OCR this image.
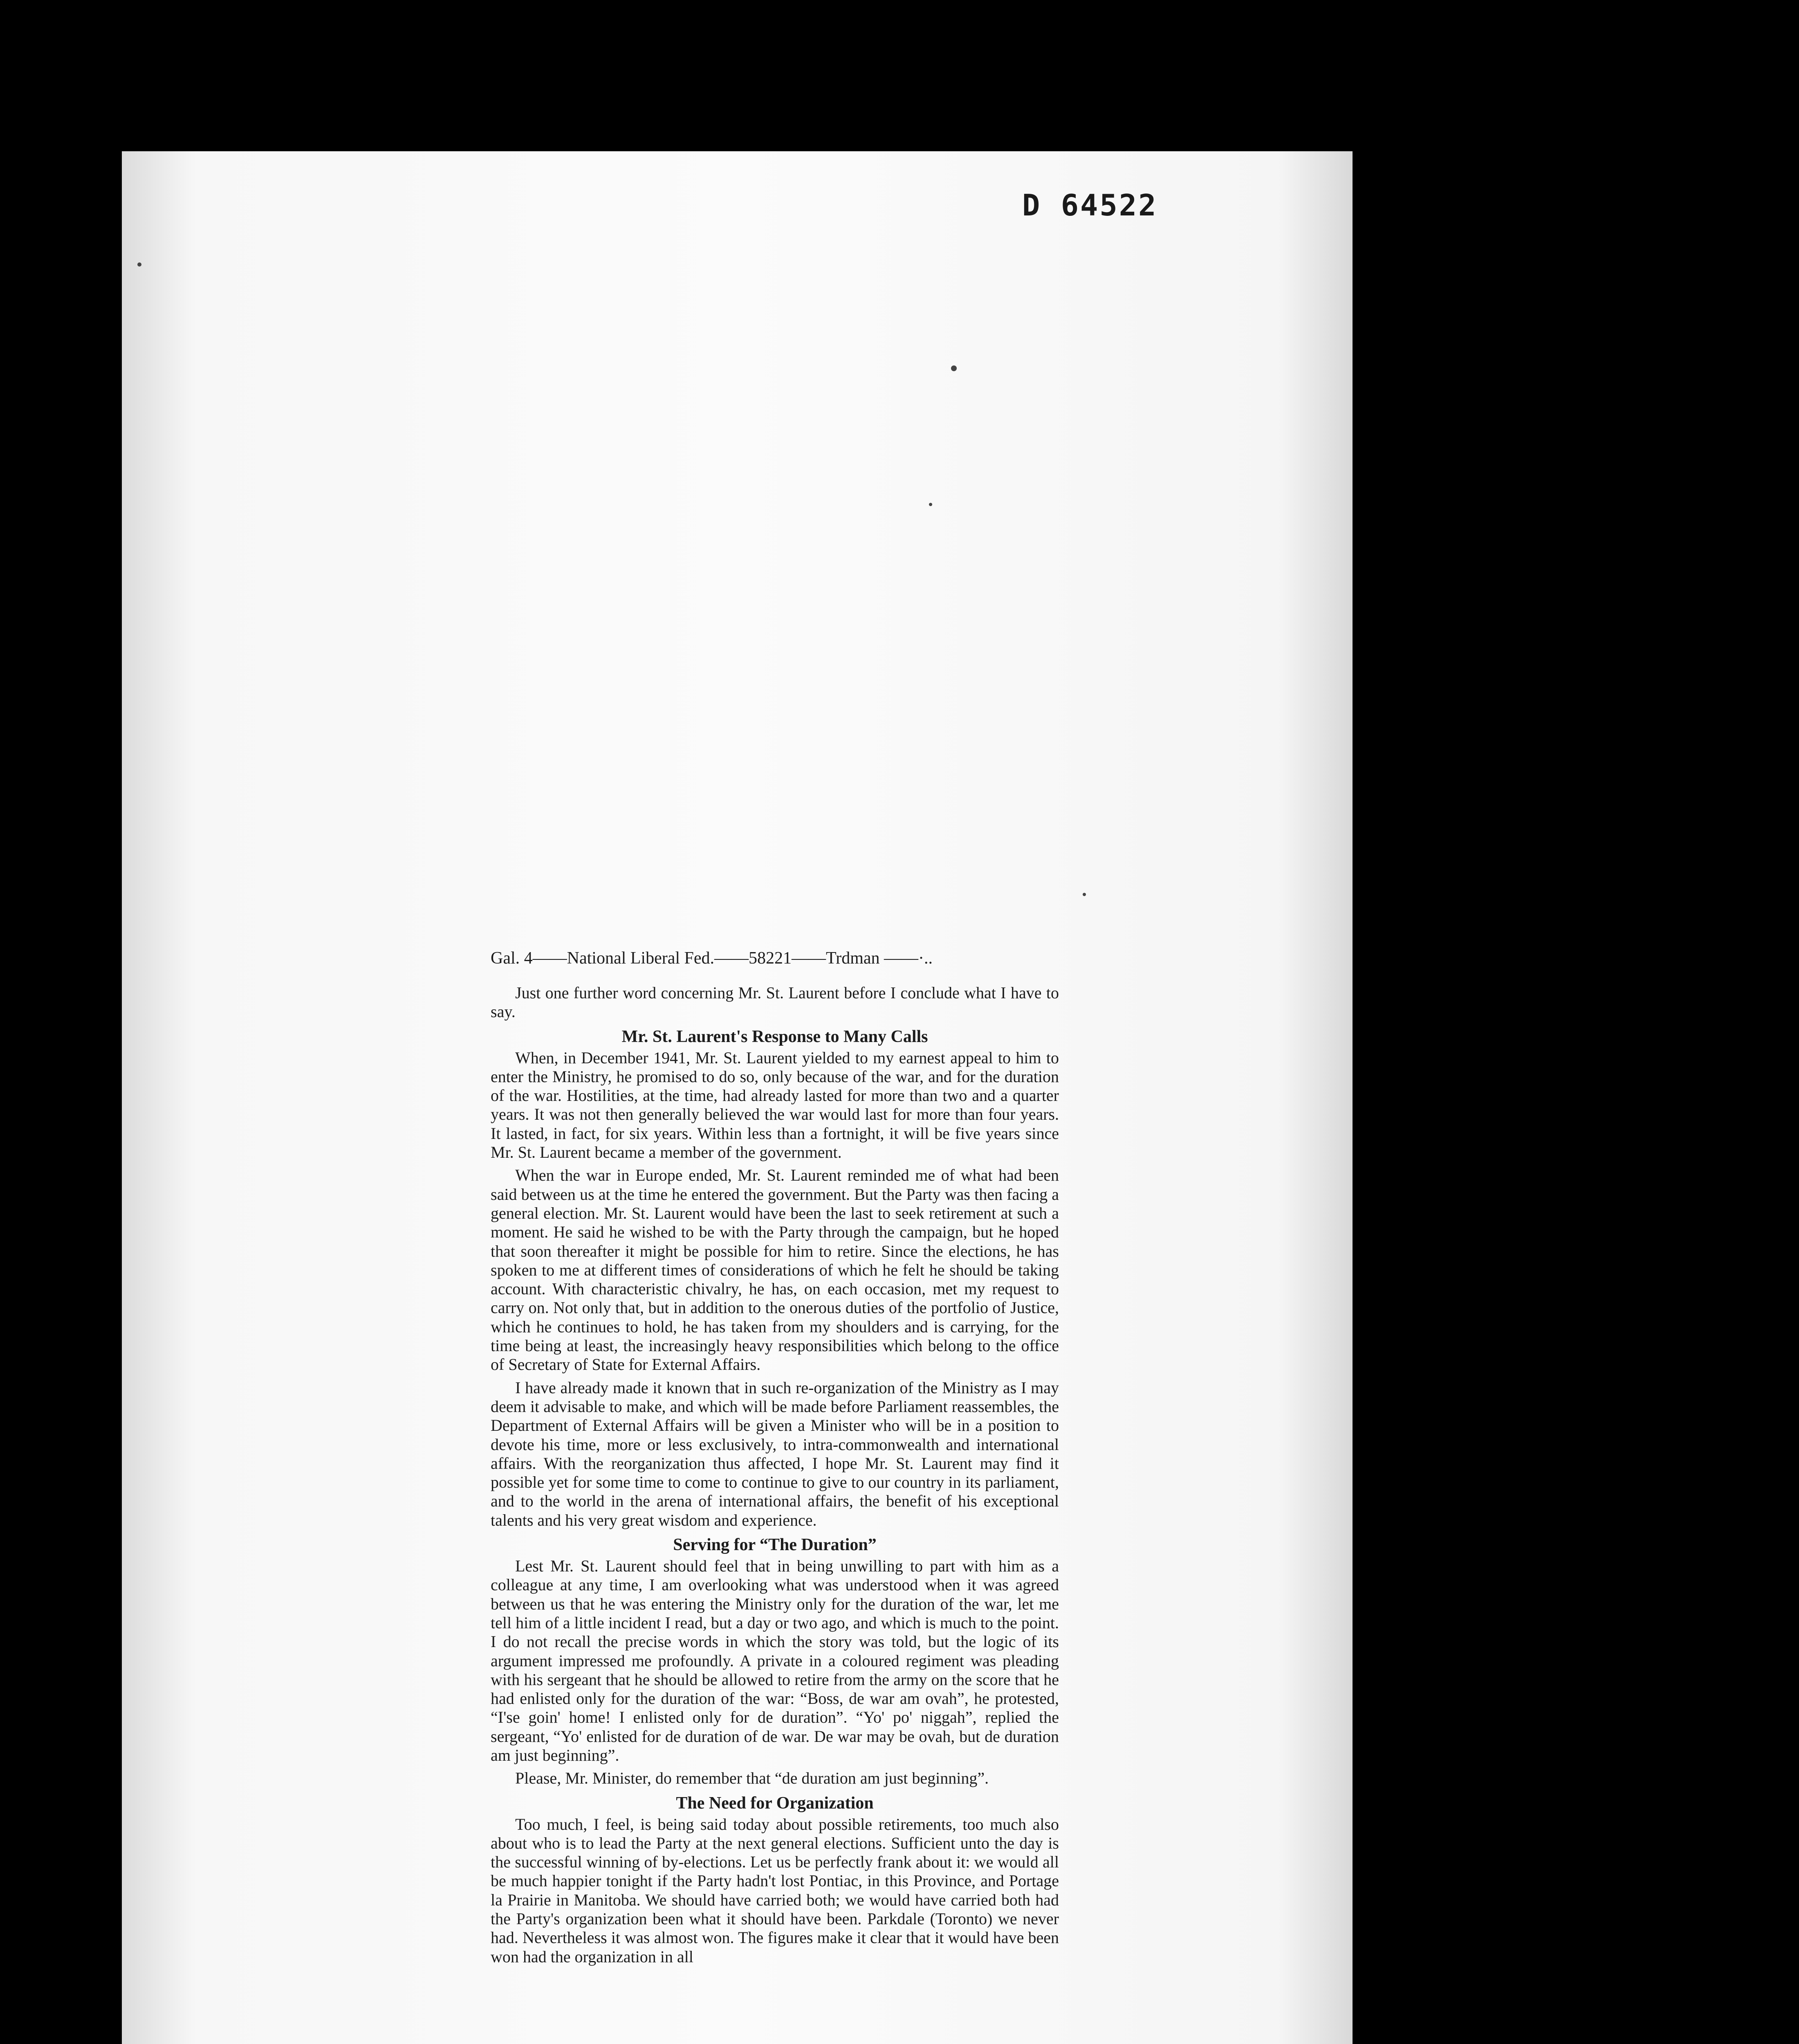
D 64522
Gal. 4——National Liberal Fed.——58221——Trdman ——·..

Just one further word concerning Mr. St. Laurent before I conclude what I have to say.

Mr. St. Laurent's Response to Many Calls

When, in December 1941, Mr. St. Laurent yielded to my earnest appeal to him to enter the Ministry, he promised to do so, only because of the war, and for the duration of the war. Hostilities, at the time, had already lasted for more than two and a quarter years. It was not then generally believed the war would last for more than four years. It lasted, in fact, for six years. Within less than a fortnight, it will be five years since Mr. St. Laurent became a member of the government.

When the war in Europe ended, Mr. St. Laurent reminded me of what had been said between us at the time he entered the government. But the Party was then facing a general election. Mr. St. Laurent would have been the last to seek retirement at such a moment. He said he wished to be with the Party through the campaign, but he hoped that soon thereafter it might be possible for him to retire. Since the elections, he has spoken to me at different times of considerations of which he felt he should be taking account. With characteristic chivalry, he has, on each occasion, met my request to carry on. Not only that, but in addition to the onerous duties of the portfolio of Justice, which he continues to hold, he has taken from my shoulders and is carrying, for the time being at least, the increasingly heavy responsibilities which belong to the office of Secretary of State for External Affairs.

I have already made it known that in such re-organization of the Ministry as I may deem it advisable to make, and which will be made before Parliament reassembles, the Department of External Affairs will be given a Minister who will be in a position to devote his time, more or less exclusively, to intra-commonwealth and international affairs. With the reorganization thus affected, I hope Mr. St. Laurent may find it possible yet for some time to come to continue to give to our country in its parliament, and to the world in the arena of international affairs, the benefit of his exceptional talents and his very great wisdom and experience.

Serving for “The Duration”

Lest Mr. St. Laurent should feel that in being unwilling to part with him as a colleague at any time, I am overlooking what was understood when it was agreed between us that he was entering the Ministry only for the duration of the war, let me tell him of a little incident I read, but a day or two ago, and which is much to the point. I do not recall the precise words in which the story was told, but the logic of its argument impressed me profoundly. A private in a coloured regiment was pleading with his sergeant that he should be allowed to retire from the army on the score that he had enlisted only for the duration of the war: “Boss, de war am ovah”, he protested, “I'se goin' home! I enlisted only for de duration”. “Yo' po' niggah”, replied the sergeant, “Yo' enlisted for de duration of de war. De war may be ovah, but de duration am just beginning”.

Please, Mr. Minister, do remember that “de duration am just beginning”.

The Need for Organization

Too much, I feel, is being said today about possible retirements, too much also about who is to lead the Party at the next general elections. Sufficient unto the day is the successful winning of by-elections. Let us be perfectly frank about it: we would all be much happier tonight if the Party hadn't lost Pontiac, in this Province, and Portage la Prairie in Manitoba. We should have carried both; we would have carried both had the Party's organization been what it should have been. Parkdale (Toronto) we never had. Nevertheless it was almost won. The figures make it clear that it would have been won had the organization in all
